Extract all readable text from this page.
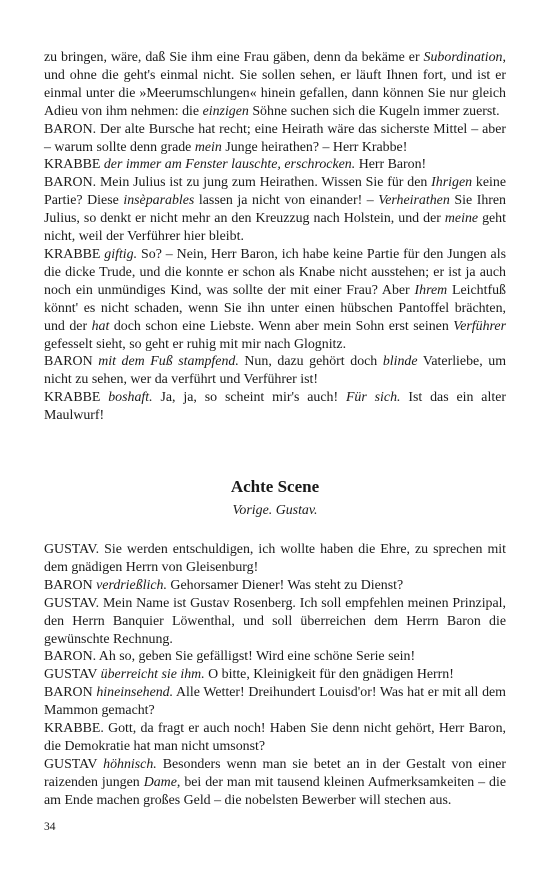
zu bringen, wäre, daß Sie ihm eine Frau gäben, denn da bekäme er Subordination, und ohne die geht's einmal nicht. Sie sollen sehen, er läuft Ihnen fort, und ist er einmal unter die »Meerumschlungen« hinein gefallen, dann können Sie nur gleich Adieu von ihm nehmen: die einzigen Söhne suchen sich die Kugeln immer zuerst.

BARON. Der alte Bursche hat recht; eine Heirath wäre das sicherste Mittel – aber – warum sollte denn grade mein Junge heirathen? – Herr Krabbe!

KRABBE der immer am Fenster lauschte, erschrocken. Herr Baron!

BARON. Mein Julius ist zu jung zum Heirathen. Wissen Sie für den Ihrigen keine Partie? Diese insèparables lassen ja nicht von einander! – Verheirathen Sie Ihren Julius, so denkt er nicht mehr an den Kreuzzug nach Holstein, und der meine geht nicht, weil der Verführer hier bleibt.

KRABBE giftig. So? – Nein, Herr Baron, ich habe keine Partie für den Jungen als die dicke Trude, und die konnte er schon als Knabe nicht ausstehen; er ist ja auch noch ein unmündiges Kind, was sollte der mit einer Frau? Aber Ihrem Leichtfuß könnt' es nicht schaden, wenn Sie ihn unter einen hübschen Pantoffel brächten, und der hat doch schon eine Liebste. Wenn aber mein Sohn erst seinen Verführer gefesselt sieht, so geht er ruhig mit mir nach Glognitz.

BARON mit dem Fuß stampfend. Nun, dazu gehört doch blinde Vaterliebe, um nicht zu sehen, wer da verführt und Verführer ist!

KRABBE boshaft. Ja, ja, so scheint mir's auch! Für sich. Ist das ein alter Maulwurf!

Achte Scene
Vorige. Gustav.

GUSTAV. Sie werden entschuldigen, ich wollte haben die Ehre, zu sprechen mit dem gnädigen Herrn von Gleisenburg!

BARON verdrießlich. Gehorsamer Diener! Was steht zu Dienst?

GUSTAV. Mein Name ist Gustav Rosenberg. Ich soll empfehlen meinen Prinzipal, den Herrn Banquier Löwenthal, und soll überreichen dem Herrn Baron die gewünschte Rechnung.

BARON. Ah so, geben Sie gefälligst! Wird eine schöne Serie sein!

GUSTAV überreicht sie ihm. O bitte, Kleinigkeit für den gnädigen Herrn!

BARON hineinsehend. Alle Wetter! Dreihundert Louisd'or! Was hat er mit all dem Mammon gemacht?

KRABBE. Gott, da fragt er auch noch! Haben Sie denn nicht gehört, Herr Baron, die Demokratie hat man nicht umsonst?

GUSTAV höhnisch. Besonders wenn man sie betet an in der Gestalt von einer raizenden jungen Dame, bei der man mit tausend kleinen Aufmerksamkeiten – die am Ende machen großes Geld – die nobelsten Bewerber will stechen aus.

34
